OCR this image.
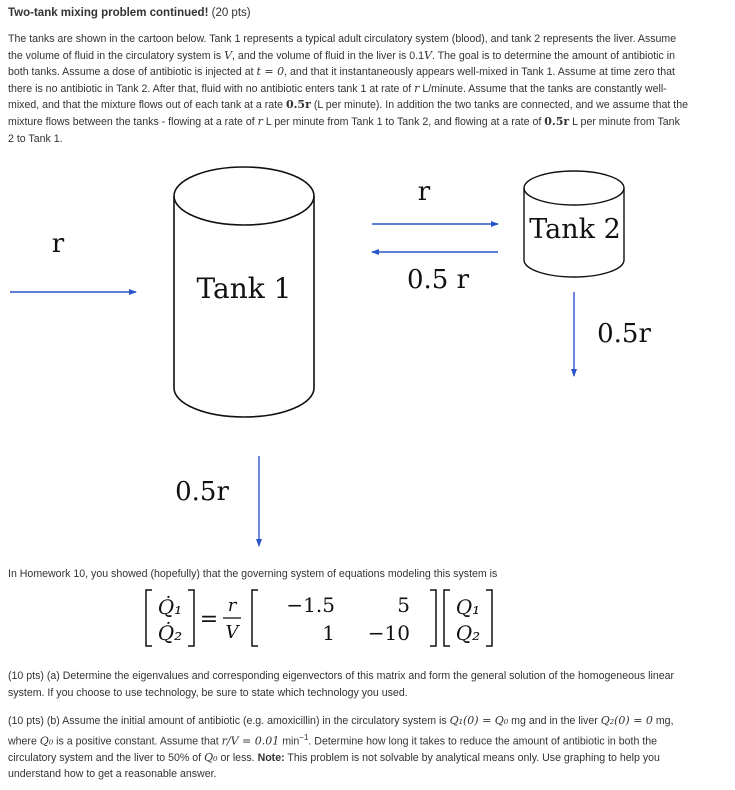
Two-tank mixing problem continued! (20 pts)
The tanks are shown in the cartoon below. Tank 1 represents a typical adult circulatory system (blood), and tank 2 represents the liver. Assume
the volume of fluid in the circulatory system is V, and the volume of fluid in the liver is 0.1V. The goal is to determine the amount of antibiotic in
both tanks. Assume a dose of antibiotic is injected at t = 0, and that it instantaneously appears well-mixed in Tank 1. Assume at time zero that
there is no antibiotic in Tank 2. After that, fluid with no antibiotic enters tank 1 at rate of r L/minute. Assume that the tanks are constantly well-
mixed, and that the mixture flows out of each tank at a rate 0.5r (L per minute). In addition the two tanks are connected, and we assume that the
mixture flows between the tanks - flowing at a rate of r L per minute from Tank 1 to Tank 2, and flowing at a rate of 0.5r L per minute from Tank
2 to Tank 1.
Tank 1
Tank 2
r
r
0.5 r
0.5r
0.5r
In Homework 10, you showed (hopefully) that the governing system of equations modeling this system is
Q̇₁
Q̇₂
=
r
V
−1.5	5
1 −10
Q₁
Q₂
(10 pts) (a) Determine the eigenvalues and corresponding eigenvectors of this matrix and form the general solution of the homogeneous linear
system. If you choose to use technology, be sure to state which technology you used.
(10 pts) (b) Assume the initial amount of antibiotic (e.g. amoxicillin) in the circulatory system is Q₁(0) = Q₀ mg and in the liver Q₂(0) = 0 mg,
where Q₀ is a positive constant. Assume that r/V = 0.01 $\min^{-1}$. Determine how long it takes to reduce the amount of antibiotic in both the
circulatory system and the liver to 50% of Q₀ or less. Note: This problem is not solvable by analytical means only. Use graphing to help you
understand how to get a reasonable answer.
